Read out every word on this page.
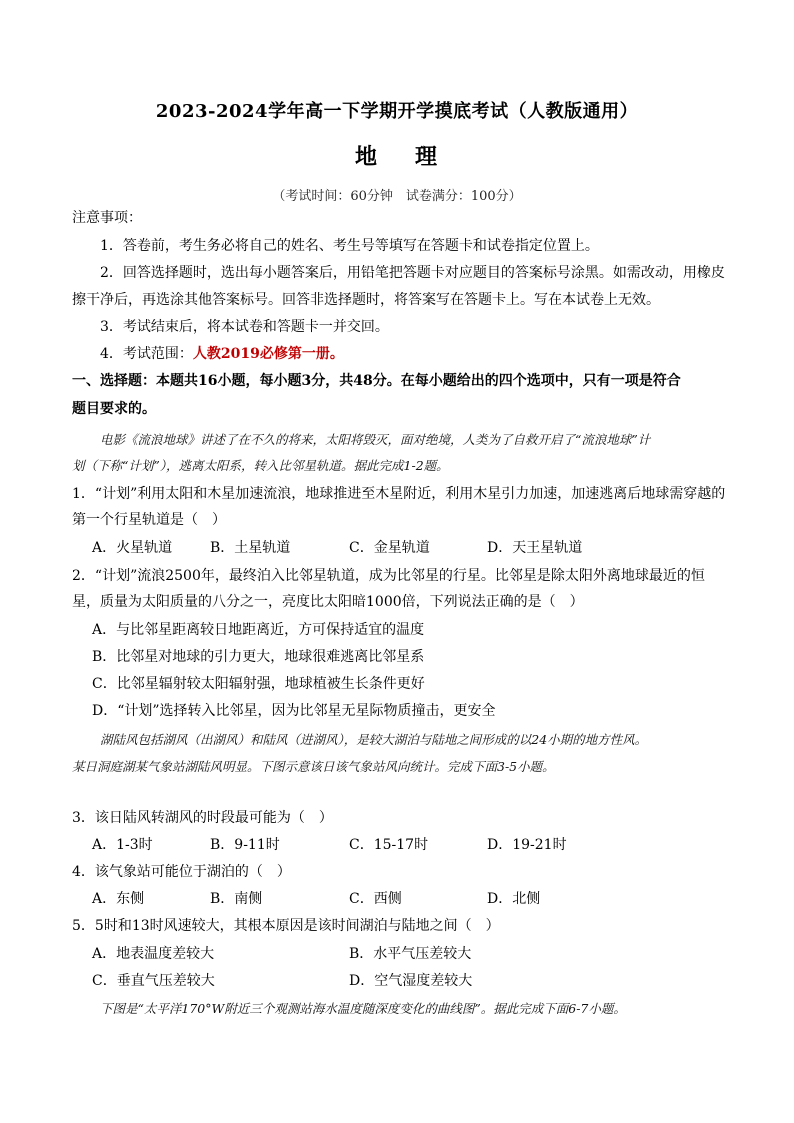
2023-2024学年高一下学期开学摸底考试（人教版通用）
地 理
（考试时间：60分钟　试卷满分：100分）
注意事项：
1．答卷前，考生务必将自己的姓名、考生号等填写在答题卡和试卷指定位置上。
2．回答选择题时，选出每小题答案后，用铅笔把答题卡对应题目的答案标号涂黑。如需改动，用橡皮
擦干净后，再选涂其他答案标号。回答非选择题时，将答案写在答题卡上。写在本试卷上无效。
3．考试结束后，将本试卷和答题卡一并交回。
4．考试范围：人教2019必修第一册。
一、选择题：本题共16小题，每小题3分，共48分。在每小题给出的四个选项中，只有一项是符合
题目要求的。
电影《流浪地球》讲述了在不久的将来，太阳将毁灭，面对绝境，人类为了自救开启了“流浪地球”计
划（下称“计划”），逃离太阳系，转入比邻星轨道。据此完成1-2题。
1．“计划”利用太阳和木星加速流浪，地球推进至木星附近，利用木星引力加速，加速逃离后地球需穿越的
第一个行星轨道是（　）
A．火星轨道	B．土星轨道	C．金星轨道	D．天王星轨道
2．“计划”流浪2500年，最终泊入比邻星轨道，成为比邻星的行星。比邻星是除太阳外离地球最近的恒
星，质量为太阳质量的八分之一，亮度比太阳暗1000倍，下列说法正确的是（　）
A．与比邻星距离较日地距离近，方可保持适宜的温度
B．比邻星对地球的引力更大，地球很难逃离比邻星系
C．比邻星辐射较太阳辐射强，地球植被生长条件更好
D．“计划”选择转入比邻星，因为比邻星无星际物质撞击，更安全
湖陆风包括湖风（出湖风）和陆风（进湖风），是较大湖泊与陆地之间形成的以24小期的地方性风。
某日洞庭湖某气象站湖陆风明显。下图示意该日该气象站风向统计。完成下面3-5小题。
3．该日陆风转湖风的时段最可能为（　）
A．1-3时	B．9-11时	C．15-17时	D．19-21时
4．该气象站可能位于湖泊的（　）
A．东侧	B．南侧	C．西侧	D．北侧
5．5时和13时风速较大，其根本原因是该时间湖泊与陆地之间（　）
A．地表温度差较大	B．水平气压差较大
C．垂直气压差较大	D．空气湿度差较大
下图是“太平洋170°W附近三个观测站海水温度随深度变化的曲线图”。据此完成下面6-7小题。
